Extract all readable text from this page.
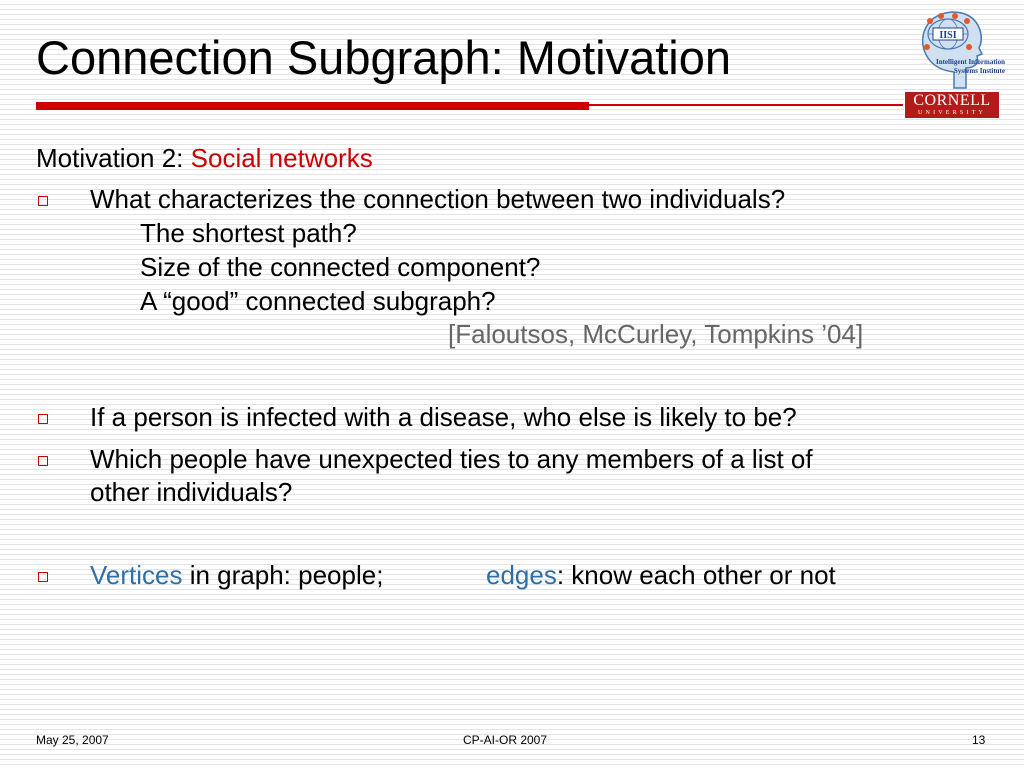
Connection Subgraph: Motivation	IISI
Intelligent Information
Systems Institute
CORNELL
UNIVERSITY
Motivation 2: Social networks
What characterizes the connection between two individuals?
The shortest path?
Size of the connected component?
A “good” connected subgraph?
[Faloutsos, McCurley, Tompkins ’04]
If a person is infected with a disease, who else is likely to be?
Which people have unexpected ties to any members of a list of
other individuals?
Vertices in graph: people;	edges: know each other or not
May 25, 2007	CP-AI-OR 2007	13
